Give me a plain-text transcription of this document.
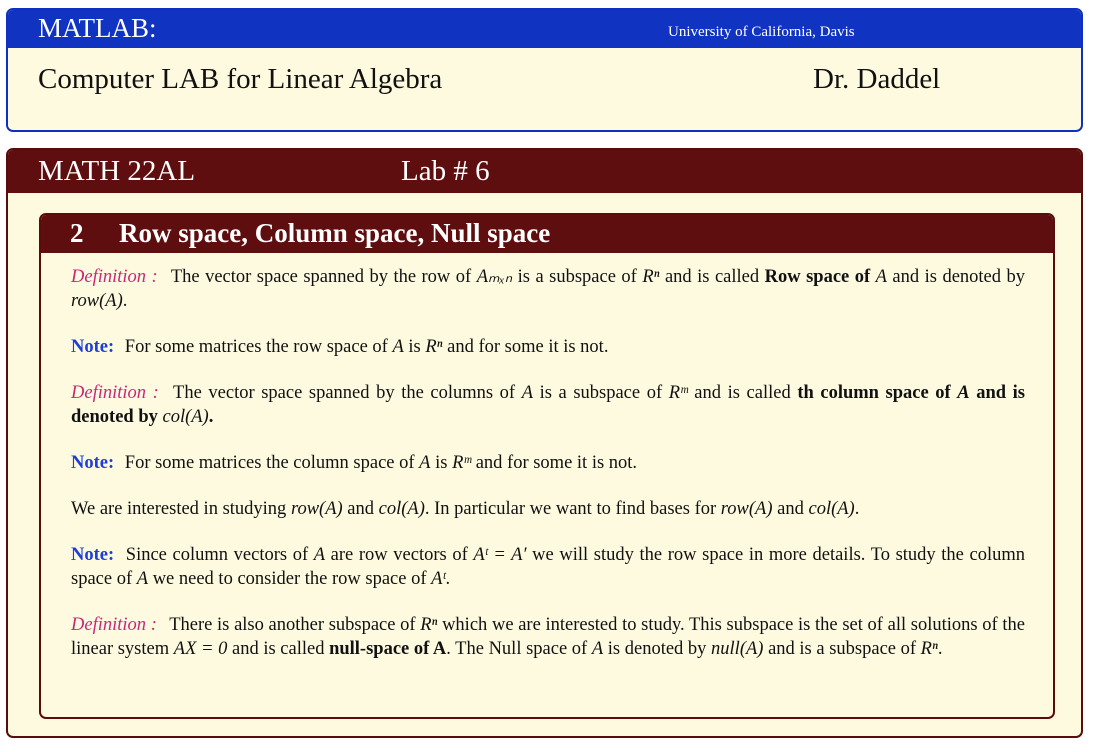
MATLAB:	University of California, Davis
Computer LAB for Linear Algebra	Dr. Daddel
MATH 22AL	Lab # 6
2 Row space, Column space, Null space

Definition : The vector space spanned by the row of Aₘₓₙ is a subspace of Rⁿ and is called Row space of A and is denoted by row(A).

Note: For some matrices the row space of A is Rⁿ and for some it is not.

Definition : The vector space spanned by the columns of A is a subspace of Rᵐ and is called th column space of A and is denoted by col(A).

Note: For some matrices the column space of A is Rᵐ and for some it is not.

We are interested in studying row(A) and col(A). In particular we want to find bases for row(A) and col(A).

Note: Since column vectors of A are row vectors of Aᵗ = A′ we will study the row space in more details. To study the column space of A we need to consider the row space of Aᵗ.

Definition : There is also another subspace of Rⁿ which we are interested to study. This subspace is the set of all solutions of the linear system AX = 0 and is called null-space of A. The Null space of A is denoted by null(A) and is a subspace of Rⁿ.
